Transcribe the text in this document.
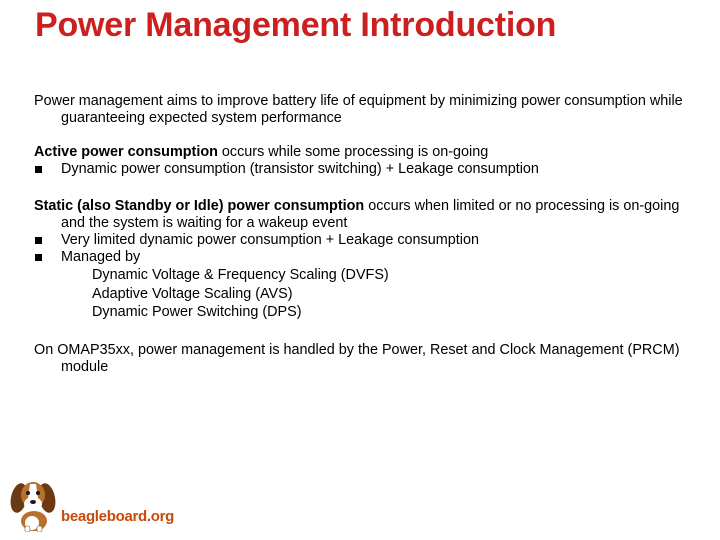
Power Management Introduction
Power management aims to improve battery life of equipment by minimizing power consumption while guaranteeing expected system performance
Active power consumption occurs while some processing is on-going
Dynamic power consumption (transistor switching) + Leakage consumption
Static (also Standby or Idle) power consumption occurs when limited or no processing is on-going and the system is waiting for a wakeup event
Very limited dynamic power consumption + Leakage consumption
Managed by
Dynamic Voltage & Frequency Scaling (DVFS)
Adaptive Voltage Scaling (AVS)
Dynamic Power Switching (DPS)
On OMAP35xx, power management is handled by the Power, Reset and Clock Management (PRCM) module
beagleboard.org
